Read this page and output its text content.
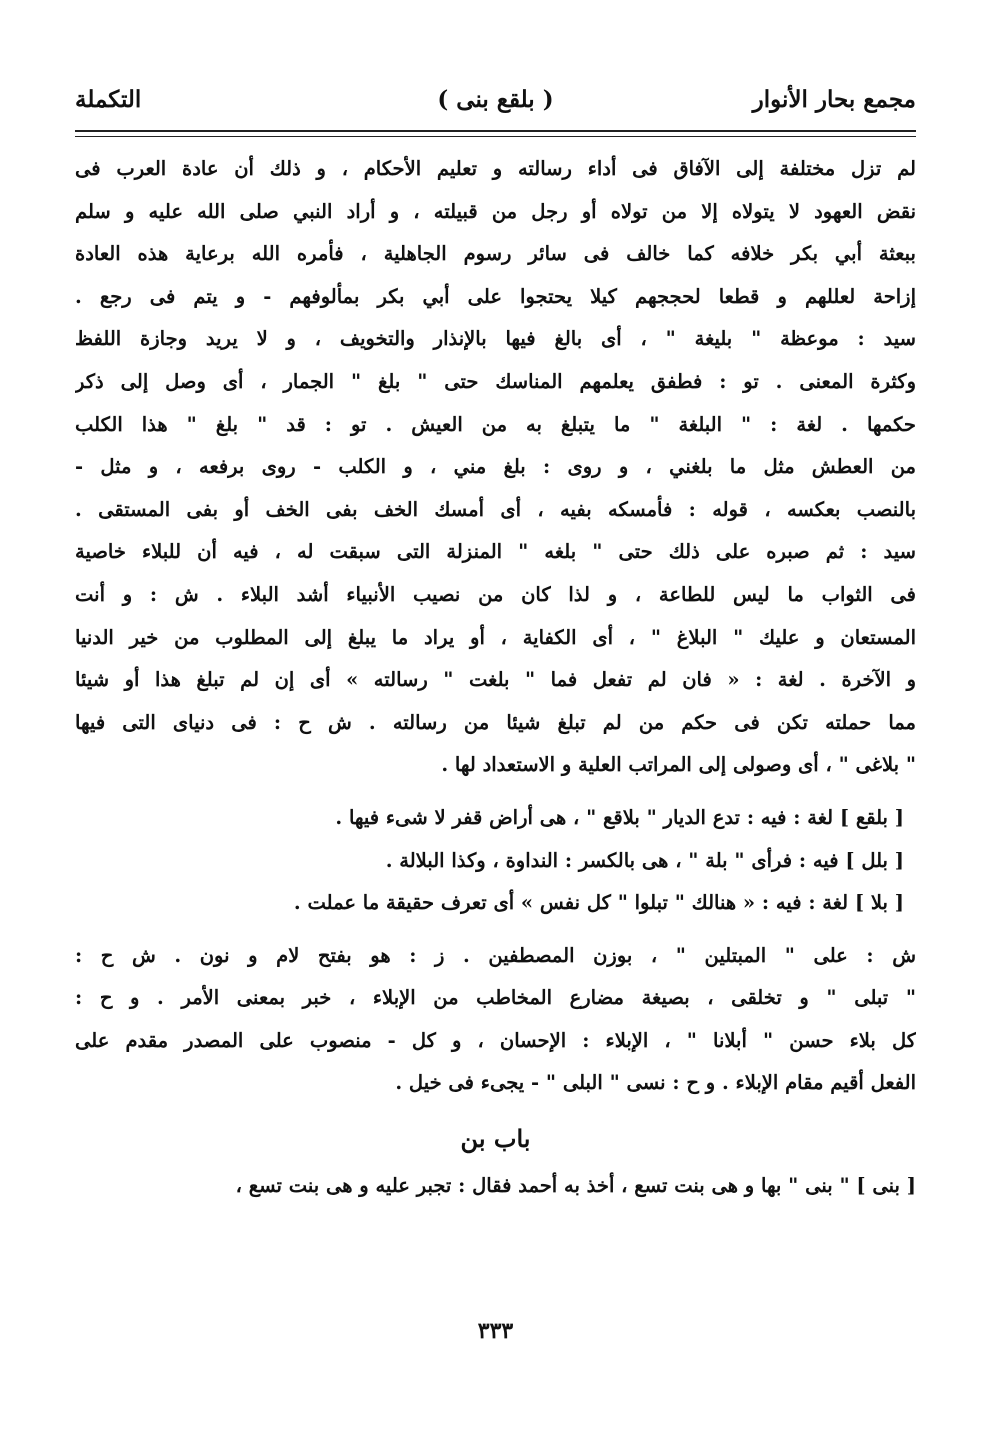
مجمع بحار الأنوار
( بلقع بنى )
التكملة
لم تزل مختلفة إلى الآفاق فى أداء رسالته و تعليم الأحكام ، و ذلك أن عادة العرب فى
نقض العهود لا يتولاه إلا من تولاه أو رجل من قبيلته ، و أراد النبي صلى الله عليه و سلم
ببعثة أبي بكر خلافه كما خالف فى سائر رسوم الجاهلية ، فأمره الله برعاية هذه العادة
إزاحة لعللهم و قطعا لحججهم كيلا يحتجوا على أبي بكر بمألوفهم - و يتم فى رجع .
سيد : موعظة " بليغة " ، أى بالغ فيها بالإنذار والتخويف ، و لا يريد وجازة اللفظ
وكثرة المعنى . تو : فطفق يعلمهم المناسك حتى " بلغ " الجمار ، أى وصل إلى ذكر
حكمها . لغة : " البلغة " ما يتبلغ به من العيش . تو : قد " بلغ " هذا الكلب
من العطش مثل ما بلغني ، و روى : بلغ مني ، و الكلب - روى برفعه ، و مثل -
بالنصب بعكسه ، قوله : فأمسكه بفيه ، أى أمسك الخف بفى الخف أو بفى المستقى .
سيد : ثم صبره على ذلك حتى " بلغه " المنزلة التى سبقت له ، فيه أن للبلاء خاصية
فى الثواب ما ليس للطاعة ، و لذا كان من نصيب الأنبياء أشد البلاء . ش : و أنت
المستعان و عليك " البلاغ " ، أى الكفاية ، أو يراد ما يبلغ إلى المطلوب من خير الدنيا
و الآخرة . لغة : « فان لم تفعل فما " بلغت " رسالته » أى إن لم تبلغ هذا أو شيئا
مما حملته تكن فى حكم من لم تبلغ شيئا من رسالته . ش ح : فى دنياى التى فيها
" بلاغى " ، أى وصولى إلى المراتب العلية و الاستعداد لها .
[ بلقع ] لغة : فيه : تدع الديار " بلاقع " ، هى أراض قفر لا شىء فيها .
[ بلل ] فيه : فرأى " بلة " ، هى بالكسر : النداوة ، وكذا البلالة .
[ بلا ] لغة : فيه : « هنالك " تبلوا " كل نفس » أى تعرف حقيقة ما عملت .
ش : على " المبتلين " ، بوزن المصطفين . ز : هو بفتح لام و نون . ش ح :
" تبلى " و تخلقى ، بصيغة مضارع المخاطب من الإبلاء ، خبر بمعنى الأمر . و ح :
كل بلاء حسن " أبلانا " ، الإبلاء : الإحسان ، و كل - منصوب على المصدر مقدم على
الفعل أقيم مقام الإبلاء . و ح : نسى " البلى " - يجىء فى خيل .
باب بن
[ بنى ] " بنى " بها و هى بنت تسع ، أخذ به أحمد فقال : تجبر عليه و هى بنت تسع ،
٣٣٣
